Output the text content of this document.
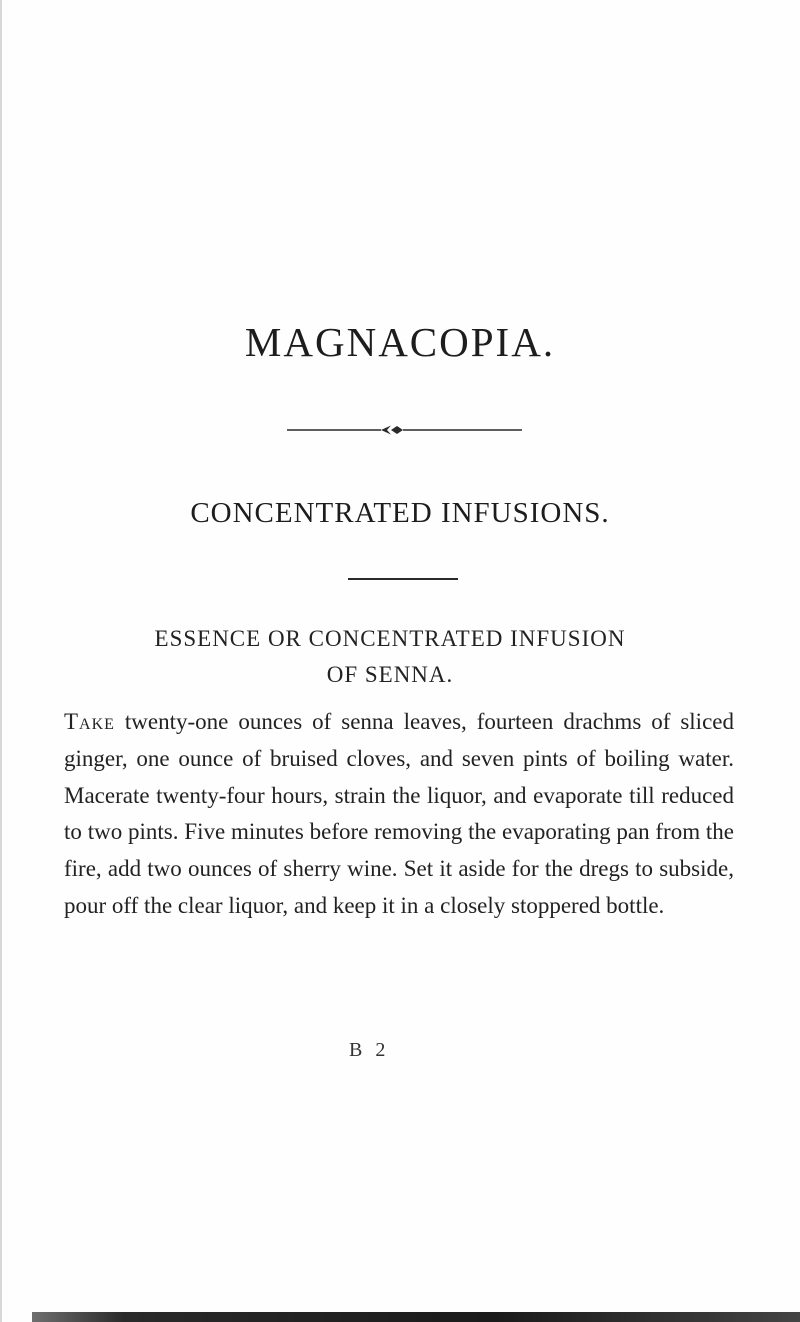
MAGNACOPIA.
CONCENTRATED INFUSIONS.
ESSENCE OR CONCENTRATED INFUSION
OF SENNA.

Take twenty-one ounces of senna leaves, fourteen drachms of sliced ginger, one ounce of bruised cloves, and seven pints of boiling water. Macerate twenty-four hours, strain the liquor, and evaporate till reduced to two pints. Five minutes before removing the evaporating pan from the fire, add two ounces of sherry wine. Set it aside for the dregs to subside, pour off the clear liquor, and keep it in a closely stoppered bottle.

B 2
